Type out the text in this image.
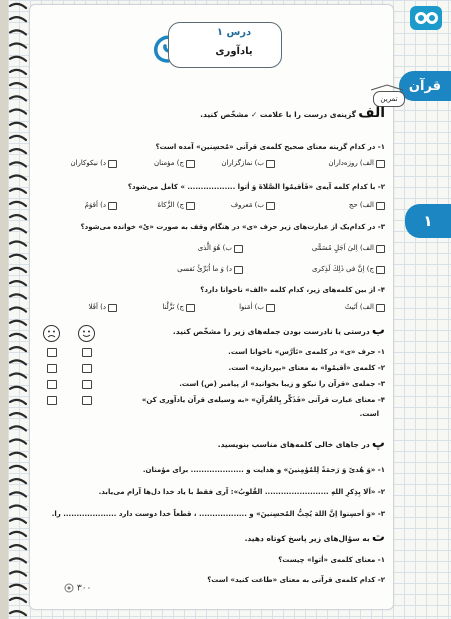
قرآن
۱
درس ۱
یادآوری
تمرین
الف گزینه‌ی درست را با علامت ✓ مشخّص کنید.
۱- در کدام گزینه معنای صحیح کلمه‌ی قرآنی «مُحسِنین» آمده است؟
الف) روزه‌داران
ب) نمازگزاران
ج) مؤمنان
د) نیکوکاران
۲- با کدام کلمه آیه‌ی «فَاَقیمُوا الصَّلاةَ وَ اٰتوا .................. » کامل می‌شود؟
الف) حج
ب) مَعروف
ج) الزَّكاةَ
د) اَقوَمُ
۳- در کدام‌یک از عبارت‌های زیر حرف «ی» در هنگام وقف به صورت «یْ» خوانده می‌شود؟
الف) اِلىٰ اَجَلٍ مُسَمًّى
ب) هُوَ الَّذی
ج) اِنَّ فی ذٰلِكَ لَذِكرى
د) وَ ما اُبَرِّئُ نَفسی
۴- از بین کلمه‌های زیر، کدام کلمه «الف» ناخوانا دارد؟
الف) اَتَیتُ
ب) اٰمَنوا
ج) نَزَّلْنا
د) اَفَلا
ب درستی یا نادرست بودن جمله‌های زیر را مشخّص کنید.
۱- حرف «ی» در کلمه‌ی «تَاَرَّس» ناخوانا است.
۲- کلمه‌ی «اَقیمُوا» به معنای «بپردازید» است.
۳- جمله‌ی «قرآن را نیکو و زیبا بخوانید» از پیامبر (ص) است.
۴- معنای عبارت قرآنی «فَذَكِّر بِالقُرآنِ» «به وسیله‌ی قرآن یادآوری کن»
است.
پ در جاهای خالی کلمه‌های مناسب بنویسید.
۱- «وَ هُدیً وَ رَحمَةً لِلمُؤمِنینَ» و هدایت و .................... برای مؤمنان.
۲- «اَلا بِذِكرِ اللهِ ........................ القُلوبُ»: آری فقط با یاد خدا دل‌ها آرام می‌یابد.
۳- «وَ اَحسِنوا اِنَّ اللهَ یُحِبُّ المُحسِنینَ» و .................. ، قطعاً خدا دوست دارد .................... را.
ت به سؤال‌های زیر پاسخ کوتاه دهید.
۱- معنای کلمه‌ی «اٰتوا» چیست؟
۲- کدام کلمه‌ی قرآنی به معنای «طاعت کنید» است؟
۳۰۰
